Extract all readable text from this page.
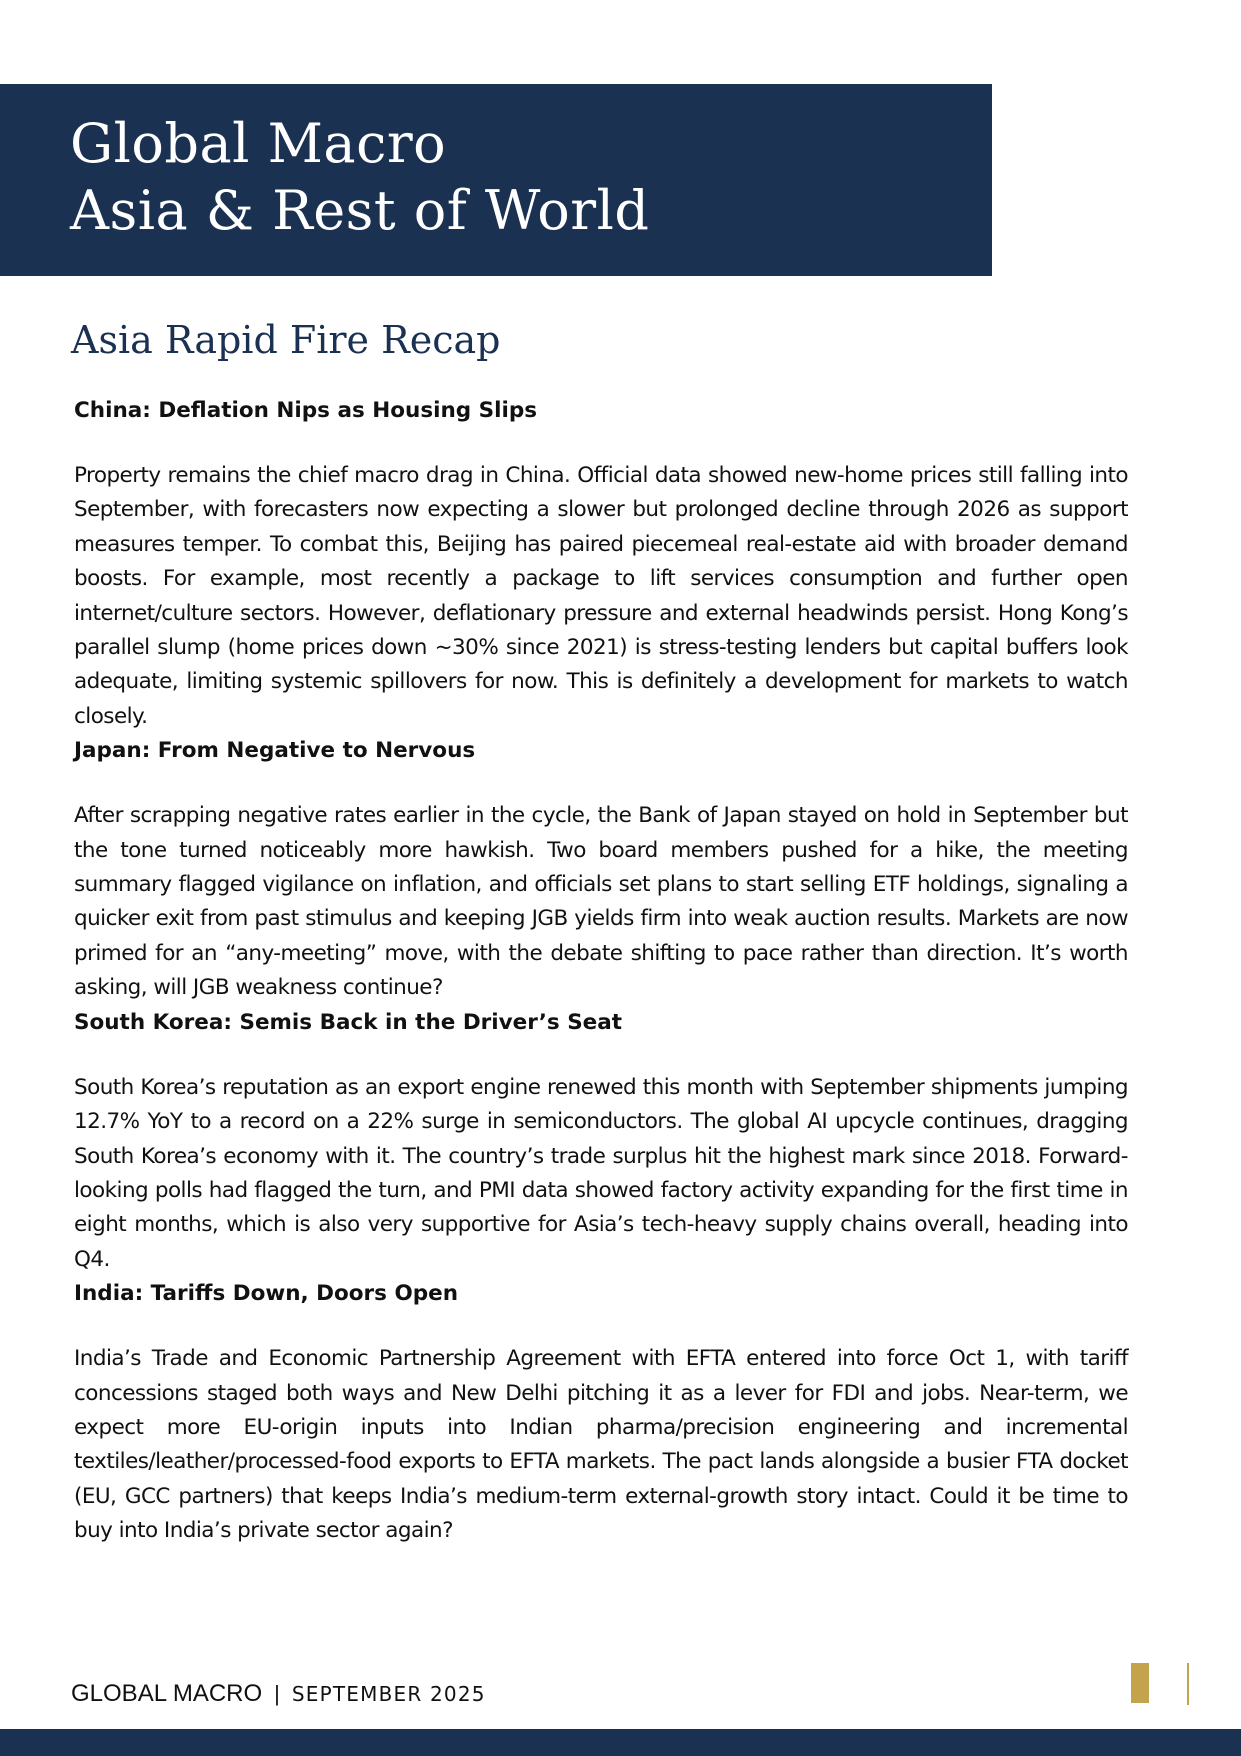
Global Macro
Asia & Rest of World
Asia Rapid Fire Recap
China: Deflation Nips as Housing Slips

Property remains the chief macro drag in China. Official data showed new-home prices still falling into September, with forecasters now expecting a slower but prolonged decline through 2026 as support measures temper. To combat this, Beijing has paired piecemeal real-estate aid with broader demand boosts. For example, most recently a package to lift services consumption and further open internet/culture sectors. However, deflationary pressure and external headwinds persist. Hong Kong’s parallel slump (home prices down ~30% since 2021) is stress-testing lenders but capital buffers look adequate, limiting systemic spillovers for now. This is definitely a development for markets to watch closely.

Japan: From Negative to Nervous

After scrapping negative rates earlier in the cycle, the Bank of Japan stayed on hold in September but the tone turned noticeably more hawkish. Two board members pushed for a hike, the meeting summary flagged vigilance on inflation, and officials set plans to start selling ETF holdings, signaling a quicker exit from past stimulus and keeping JGB yields firm into weak auction results. Markets are now primed for an “any-meeting” move, with the debate shifting to pace rather than direction. It’s worth asking, will JGB weakness continue?

South Korea: Semis Back in the Driver’s Seat

South Korea’s reputation as an export engine renewed this month with September shipments jumping 12.7% YoY to a record on a 22% surge in semiconductors. The global AI upcycle continues, dragging South Korea’s economy with it. The country’s trade surplus hit the highest mark since 2018. Forward-looking polls had flagged the turn, and PMI data showed factory activity expanding for the first time in eight months, which is also very supportive for Asia’s tech-heavy supply chains overall, heading into Q4.

India: Tariffs Down, Doors Open

India’s Trade and Economic Partnership Agreement with EFTA entered into force Oct 1, with tariff concessions staged both ways and New Delhi pitching it as a lever for FDI and jobs. Near-term, we expect more EU-origin inputs into Indian pharma/precision engineering and incremental textiles/leather/processed-food exports to EFTA markets. The pact lands alongside a busier FTA docket (EU, GCC partners) that keeps India’s medium-term external-growth story intact. Could it be time to buy into India’s private sector again?

GLOBAL MACRO | SEPTEMBER 2025
